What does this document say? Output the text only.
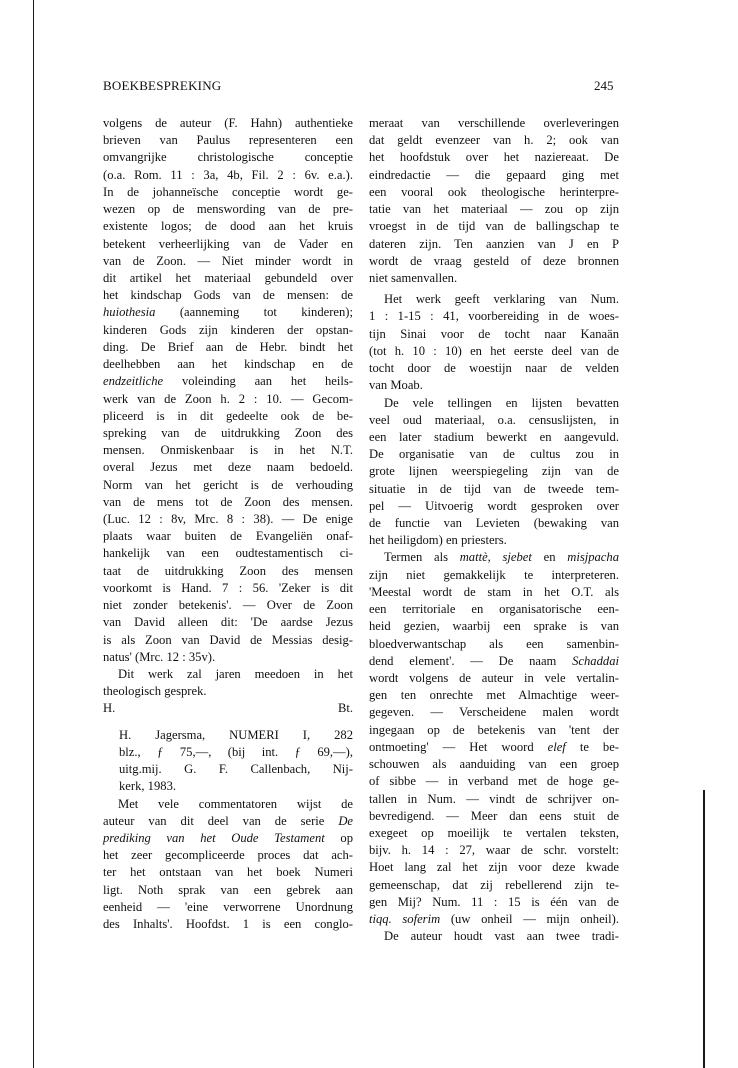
BOEKBESPREKING	245
volgens de auteur (F. Hahn) authentieke
brieven van Paulus representeren een
omvangrijke christologische conceptie
(o.a. Rom. 11 : 3a, 4b, Fil. 2 : 6v. e.a.).
In de johanneïsche conceptie wordt ge-
wezen op de menswording van de pre-
existente logos; de dood aan het kruis
betekent verheerlijking van de Vader en
van de Zoon. — Niet minder wordt in
dit artikel het materiaal gebundeld over
het kindschap Gods van de mensen: de
huiothesia (aanneming tot kinderen);
kinderen Gods zijn kinderen der opstan-
ding. De Brief aan de Hebr. bindt het
deelhebben aan het kindschap en de
endzeitliche voleinding aan het heils-
werk van de Zoon h. 2 : 10. — Gecom-
pliceerd is in dit gedeelte ook de be-
spreking van de uitdrukking Zoon des
mensen. Onmiskenbaar is in het N.T.
overal Jezus met deze naam bedoeld.
Norm van het gericht is de verhouding
van de mens tot de Zoon des mensen.
(Luc. 12 : 8v, Mrc. 8 : 38). — De enige
plaats waar buiten de Evangeliën onaf-
hankelijk van een oudtestamentisch ci-
taat de uitdrukking Zoon des mensen
voorkomt is Hand. 7 : 56. 'Zeker is dit
niet zonder betekenis'. — Over de Zoon
van David alleen dit: 'De aardse Jezus
is als Zoon van David de Messias desig-
natus' (Mrc. 12 : 35v).
Dit werk zal jaren meedoen in het
theologisch gesprek.
H.	Bt.
H. Jagersma, NUMERI I, 282
blz., ƒ 75,—, (bij int. ƒ 69,—),
uitg.mij. G. F. Callenbach, Nij-
kerk, 1983.
Met vele commentatoren wijst de
auteur van dit deel van de serie De
prediking van het Oude Testament op
het zeer gecompliceerde proces dat ach-
ter het ontstaan van het boek Numeri
ligt. Noth sprak van een gebrek aan
eenheid — 'eine verworrene Unordnung
des Inhalts'. Hoofdst. 1 is een conglo-
meraat van verschillende overleveringen
dat geldt evenzeer van h. 2; ook van
het hoofdstuk over het naziereaat. De
eindredactie — die gepaard ging met
een vooral ook theologische herinterpre-
tatie van het materiaal — zou op zijn
vroegst in de tijd van de ballingschap te
dateren zijn. Ten aanzien van J en P
wordt de vraag gesteld of deze bronnen
niet samenvallen.
Het werk geeft verklaring van Num.
1 : 1-15 : 41, voorbereiding in de woes-
tijn Sinai voor de tocht naar Kanaän
(tot h. 10 : 10) en het eerste deel van de
tocht door de woestijn naar de velden
van Moab.
De vele tellingen en lijsten bevatten
veel oud materiaal, o.a. censuslijsten, in
een later stadium bewerkt en aangevuld.
De organisatie van de cultus zou in
grote lijnen weerspiegeling zijn van de
situatie in de tijd van de tweede tem-
pel — Uitvoerig wordt gesproken over
de functie van Levieten (bewaking van
het heiligdom) en priesters.
Termen als mattè, sjebet en misjpacha
zijn niet gemakkelijk te interpreteren.
'Meestal wordt de stam in het O.T. als
een territoriale en organisatorische een-
heid gezien, waarbij een sprake is van
bloedverwantschap als een samenbin-
dend element'. — De naam Schaddai
wordt volgens de auteur in vele vertalin-
gen ten onrechte met Almachtige weer-
gegeven. — Verscheidene malen wordt
ingegaan op de betekenis van 'tent der
ontmoeting' — Het woord elef te be-
schouwen als aanduiding van een groep
of sibbe — in verband met de hoge ge-
tallen in Num. — vindt de schrijver on-
bevredigend. — Meer dan eens stuit de
exegeet op moeilijk te vertalen teksten,
bijv. h. 14 : 27, waar de schr. vorstelt:
Hoet lang zal het zijn voor deze kwade
gemeenschap, dat zij rebellerend zijn te-
gen Mij? Num. 11 : 15 is één van de
tiqq. soferim (uw onheil — mijn onheil).
De auteur houdt vast aan twee tradi-
